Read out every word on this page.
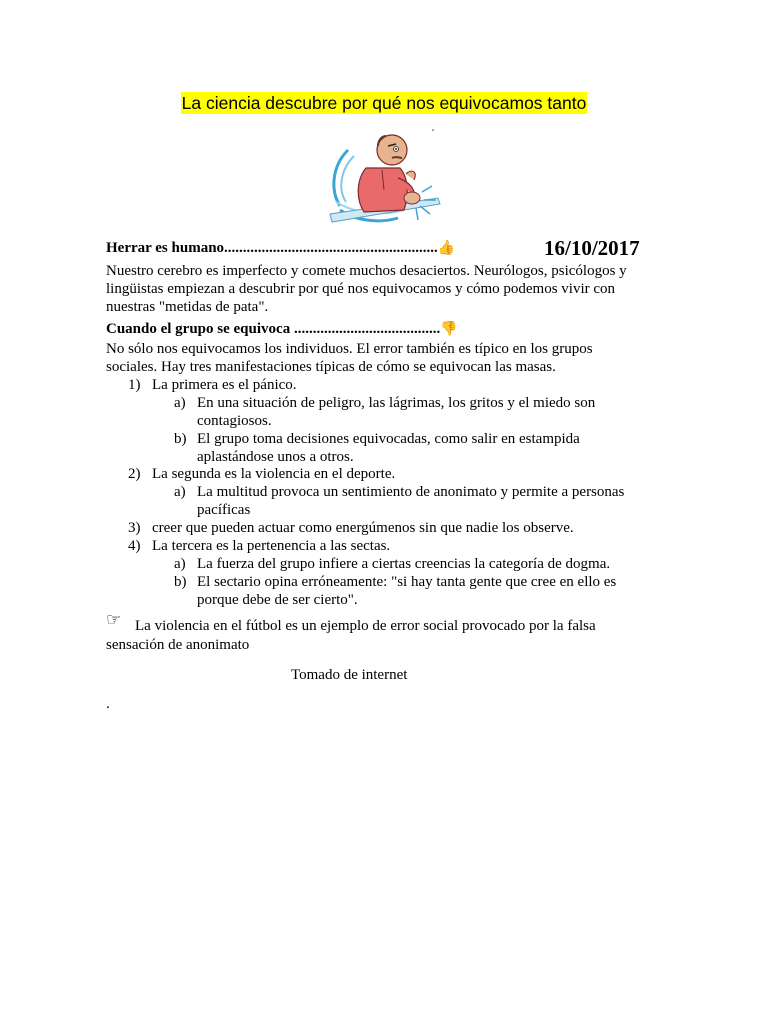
La ciencia descubre por qué nos equivocamos tanto
Herrar es humano.........................................................👍	16/10/2017
Nuestro cerebro es imperfecto y comete muchos desaciertos. Neurólogos, psicólogos y
lingüistas empiezan a descubrir por qué nos equivocamos y cómo podemos vivir con
nuestras "metidas de pata".
Cuando el grupo se equivoca .......................................👎
No sólo nos equivocamos los individuos. El error también es típico en los grupos
sociales. Hay tres manifestaciones típicas de cómo se equivocan las masas.
1) La primera es el pánico.
a) En una situación de peligro, las lágrimas, los gritos y el miedo son
contagiosos.
b) El grupo toma decisiones equivocadas, como salir en estampida
aplastándose unos a otros.
2) La segunda es la violencia en el deporte.
a) La multitud provoca un sentimiento de anonimato y permite a personas
pacíficas
3) creer que pueden actuar como energúmenos sin que nadie los observe.
4) La tercera es la pertenencia a las sectas.
a) La fuerza del grupo infiere a ciertas creencias la categoría de dogma.
b) El sectario opina erróneamente: "si hay tanta gente que cree en ello es
porque debe de ser cierto".
☞ La violencia en el fútbol es un ejemplo de error social provocado por la falsa
sensación de anonimato
Tomado de internet
.
